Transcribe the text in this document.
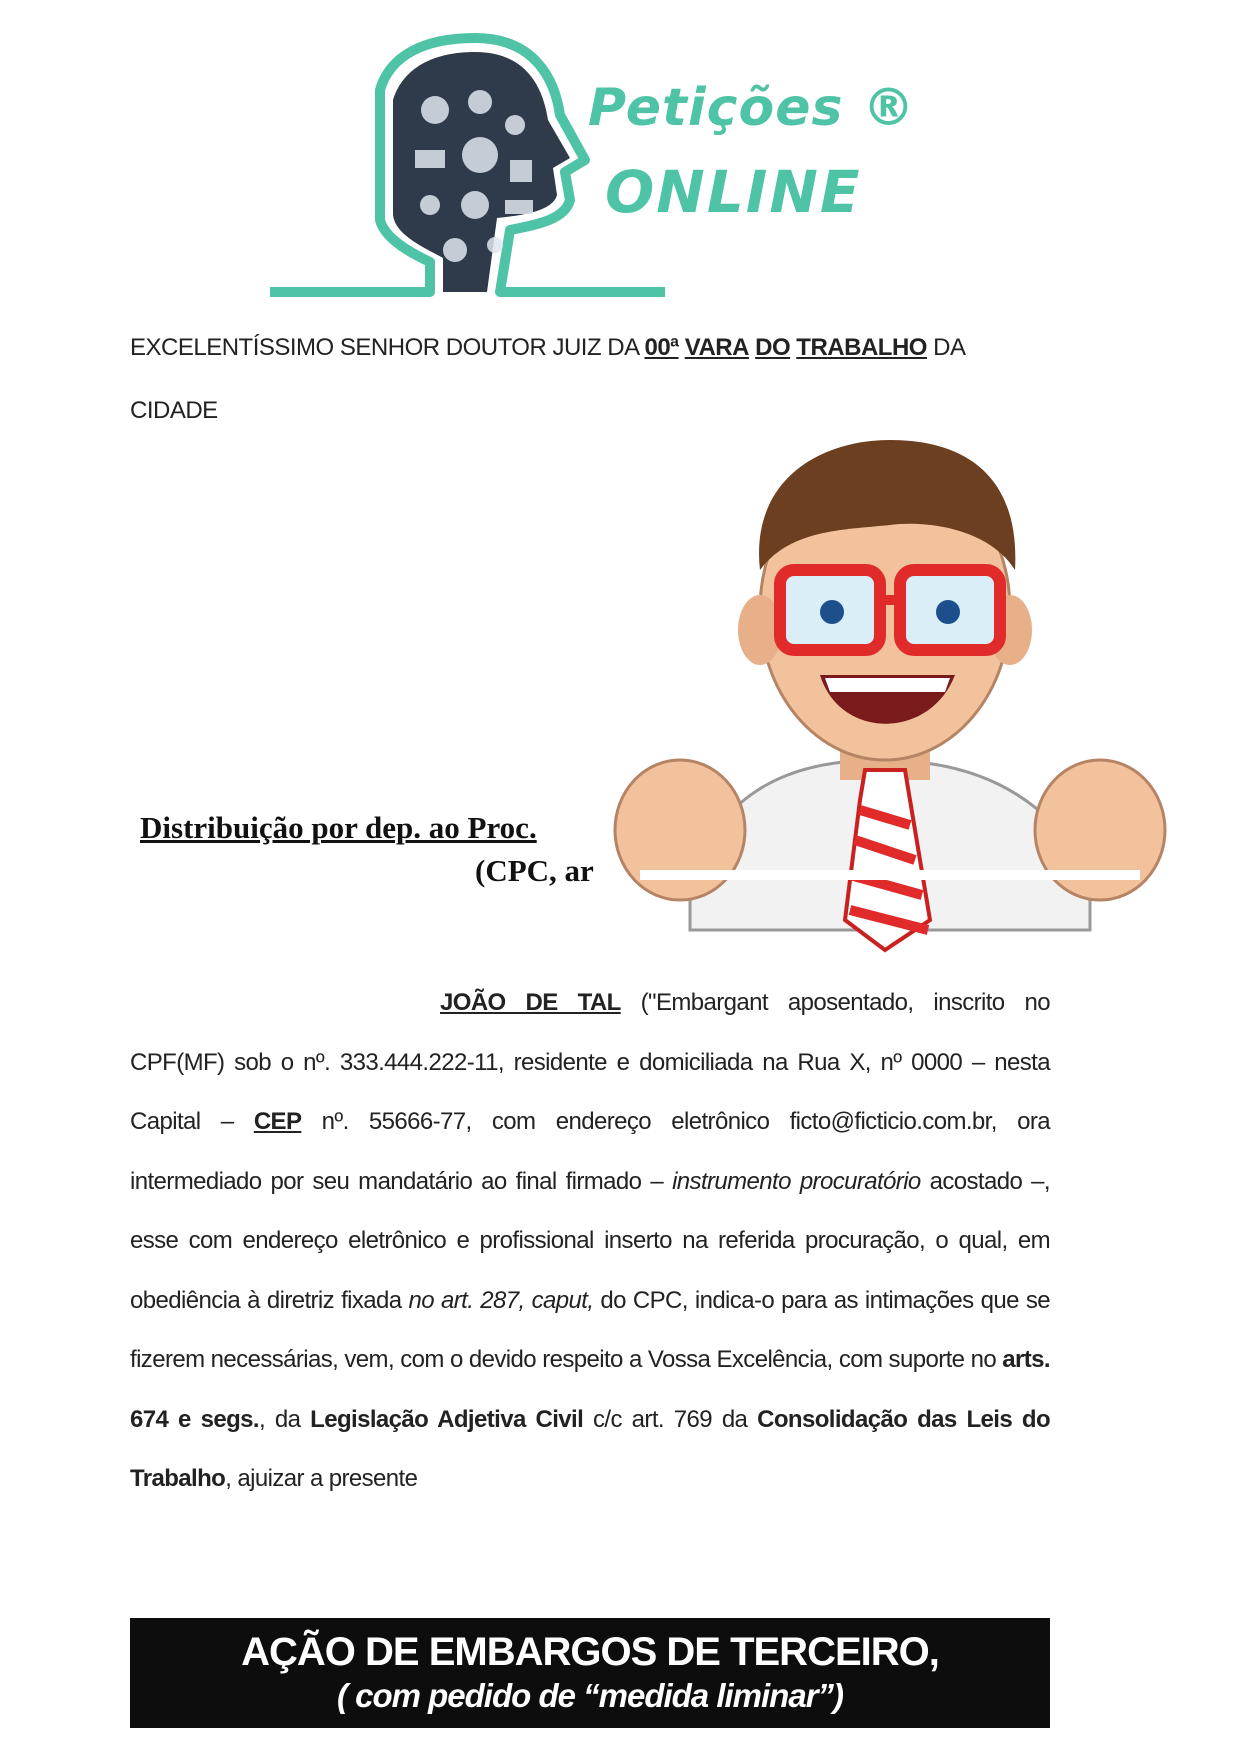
Petições ®
ONLINE
EXCELENTÍSSIMO SENHOR DOUTOR JUIZ DA 00ª VARA DO TRABALHO DA
CIDADE
Distribuição por dep. ao Proc.
(CPC, ar
JOÃO DE TAL ("Embargant aposentado, inscrito no CPF(MF) sob o nº. 333.444.222-11, residente e domiciliada na Rua X, nº 0000 – nesta Capital – CEP nº. 55666-77, com endereço eletrônico ficto@ficticio.com.br, ora intermediado por seu mandatário ao final firmado – instrumento procuratório acostado –, esse com endereço eletrônico e profissional inserto na referida procuração, o qual, em obediência à diretriz fixada no art. 287, caput, do CPC, indica-o para as intimações que se fizerem necessárias, vem, com o devido respeito a Vossa Excelência, com suporte no arts. 674 e segs., da Legislação Adjetiva Civil c/c art. 769 da Consolidação das Leis do Trabalho, ajuizar a presente
AÇÃO DE EMBARGOS DE TERCEIRO,
( com pedido de “medida liminar”)
